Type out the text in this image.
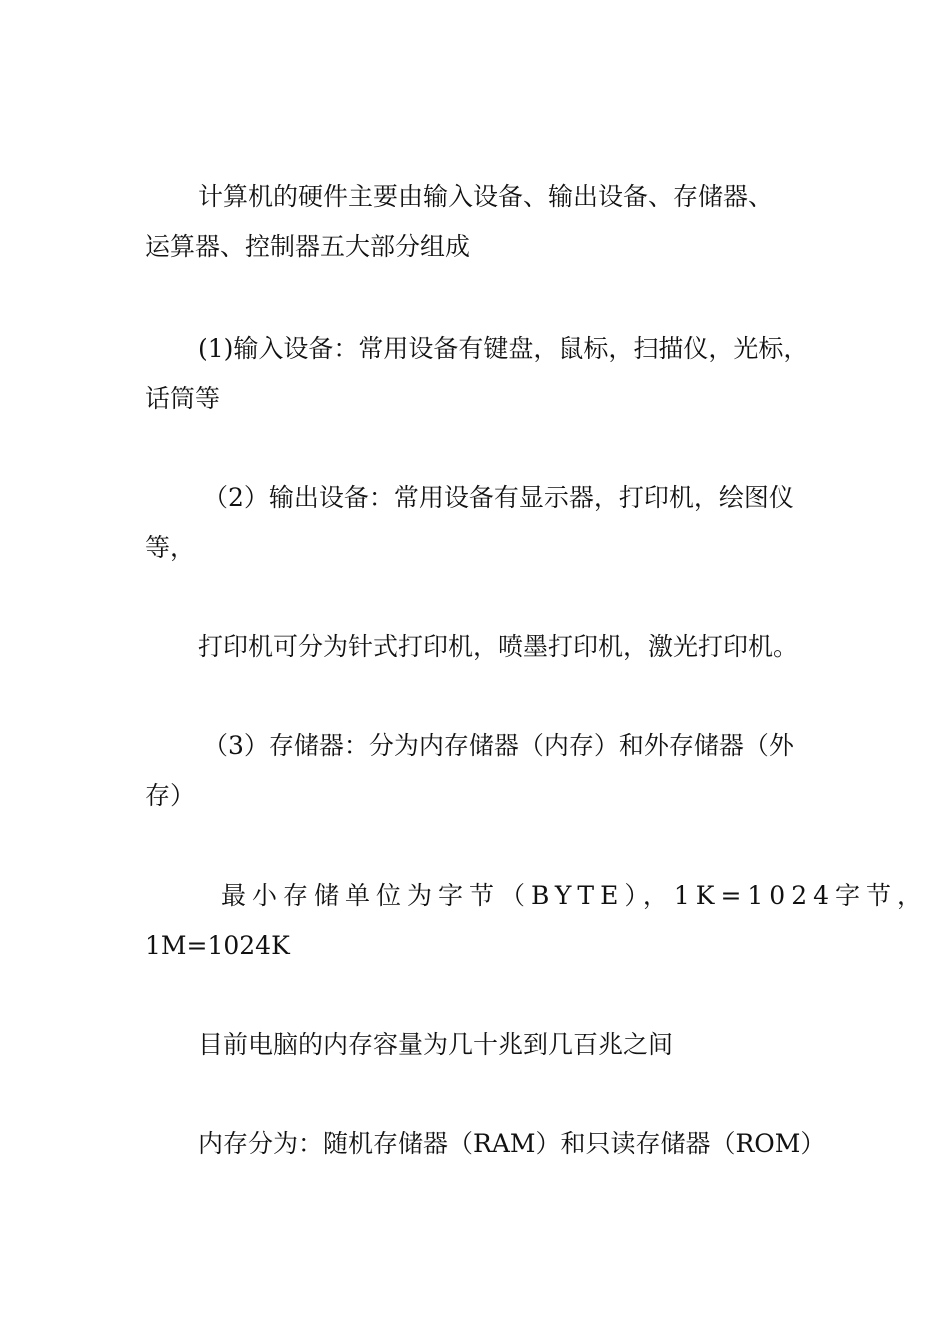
计算机的硬件主要由输入设备、输出设备、存储器、
运算器、控制器五大部分组成

(1)输入设备：常用设备有键盘，鼠标，扫描仪，光标，
话筒等

（2）输出设备：常用设备有显示器，打印机，绘图仪
等，

打印机可分为针式打印机，喷墨打印机，激光打印机。

（3）存储器：分为内存储器（内存）和外存储器（外
存）

最小存储单位为字节（BYTE），1K=1024字节，
1M=1024K

目前电脑的内存容量为几十兆到几百兆之间

内存分为：随机存储器（RAM）和只读存储器（ROM）
